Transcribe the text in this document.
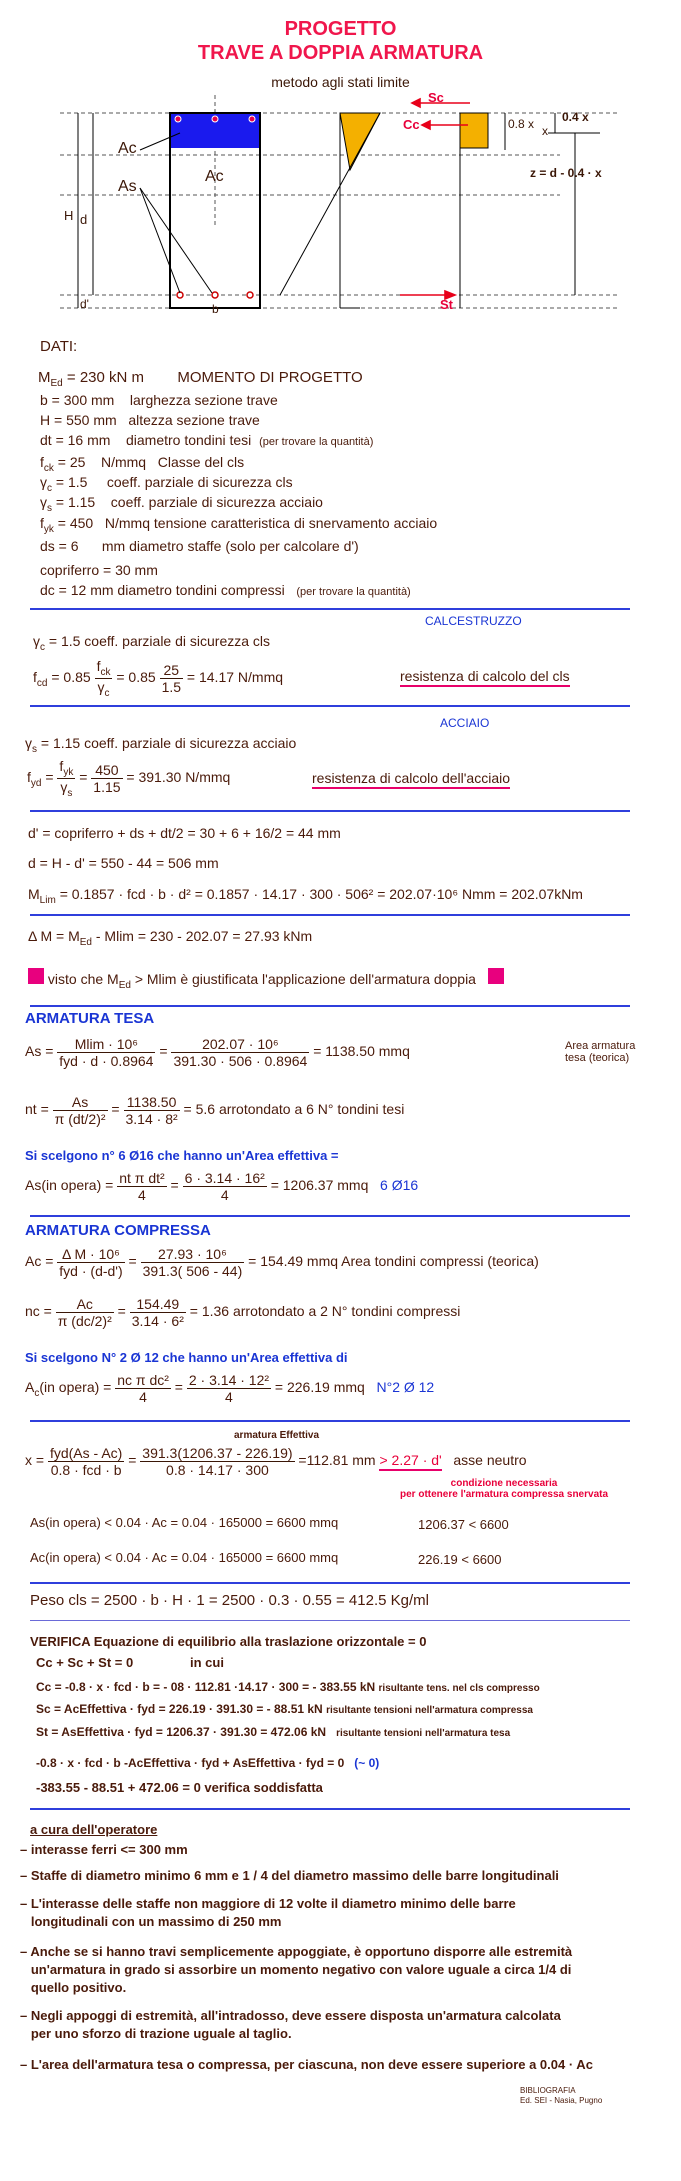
PROGETTO
TRAVE A DOPPIA ARMATURA
metodo agli stati limite
Ac
Ac
As
H d
d'	b
Sc
Cc
St
0.8 x x
0.4 x
z = d - 0.4 · x
DATI:
$M_{Ed} = 230$ kN m MOMENTO DI PROGETTO
b = 300 mm larghezza sezione trave
H = 550 mm altezza sezione trave
dt = 16 mm diametro tondini tesi (per trovare la quantità)
$f_{ck} = 25$ N/mmq Classe del cls
$\gamma_c = 1.5$ coeff. parziale di sicurezza cls
$\gamma_s = 1.15$ coeff. parziale di sicurezza acciaio
$f_{yk} = 450$ N/mmq tensione caratteristica di snervamento acciaio
ds = 6 mm diametro staffe (solo per calcolare d')
copriferro = 30 mm
dc = 12 mm diametro tondini compressi (per trovare la quantità)
CALCESTRUZZO
$\gamma_c = 1.5$ coeff. parziale di sicurezza cls
$f_{cd} = 0.85 \frac{f_{ck}}{\gamma_c} = 0.85 \frac{25}{1.5} = 14.17$ N/mmq	resistenza di calcolo del cls
ACCIAIO
$\gamma_s = 1.15$ coeff. parziale di sicurezza acciaio
$f_{yd} = \frac{f_{yk}}{\gamma_s} = \frac{450}{1.15} = 391.30$ N/mmq	resistenza di calcolo dell'acciaio
d' = copriferro + ds + dt/2 = 30 + 6 + 16/2 = 44 mm
d = H - d' = 550 - 44 = 506 mm
$M_{Lim} = 0.1857$ · fcd · b · d² = 0.1857 · 14.17 · 300 · 506² = 202.07·10⁶ Nmm = 202.07kNm
Δ $M = M_{Ed} - Mlim = 230 - 202.07 = 27.93$ kNm
visto che $M_{Ed} > Mlim$ è giustificata l'applicazione dell'armatura doppia
ARMATURA TESA
$As = \frac{\text{Mlim · 10⁶}}{\text{fyd · d · 0.8964}} = \frac{\text{202.07 · 10⁶}}{391.30 \cdot 506 \cdot 0.8964} = 1138.50$ mmq	Area armatura
tesa (teorica)
nt = $\frac{As}{\text{π (dt/2)²}} = \frac{1138.50}{\text{3.14 · 8²}} = 5.6$ arrotondato a 6 N° tondini tesi
Si scelgono n° 6 Ø16 che hanno un'Area effettiva =
As(in opera) = $\frac{\text{nt π dt²}}{4} = \frac{\text{6 · 3.14 · 16²}}{4} = 1206.37$ mmq 6 Ø16
ARMATURA COMPRESSA
$Ac = \frac{\text{Δ M · 10⁶}}{\text{fyd · (d-d')}} = \frac{\text{27.93 · 10⁶}}{391.3( 506 - 44)} = 154.49$ mmq Area tondini compressi (teorica)
nc = $\frac{Ac}{\text{π (dc/2)²}} = \frac{154.49}{\text{3.14 · 6²}} = 1.36$ arrotondato a 2 N° tondini compressi
Si scelgono N° 2 Ø 12 che hanno un'Area effettiva di
$A_c(in$ opera) = $\frac{\text{nc π dc²}}{4} = \frac{\text{2 · 3.14 · 12²}}{4} = 226.19$ mmq N°2 Ø 12
armatura Effettiva
$x = \frac{\text{fyd(As - Ac)}}{\text{0.8 · fcd · b}} = \frac{391.3(1206.37 - 226.19)}{0.8 \cdot 14.17 \cdot 300} =112.81$ mm > 2.27 · d' asse neutro
condizione necessaria
per ottenere l'armatura compressa snervata
As(in opera) < 0.04 · Ac = 0.04 · 165000 = 6600 mmq	1206.37 < 6600
Ac(in opera) < 0.04 · Ac = 0.04 · 165000 = 6600 mmq	226.19 < 6600
Peso cls = 2500 · b · H · 1 = 2500 · 0.3 · 0.55 = 412.5 Kg/ml
VERIFICA Equazione di equilibrio alla traslazione orizzontale = 0
Cc + Sc + St = 0	in cui
Cc = -0.8 · x · fcd · b = - 08 · 112.81 ·14.17 · 300 = - 383.55 kN risultante tens. nel cls compresso
Sc = AcEffettiva · fyd = 226.19 · 391.30 = - 88.51 kN risultante tensioni nell'armatura compressa
St = AsEffettiva · fyd = 1206.37 · 391.30 = 472.06 kN risultante tensioni nell'armatura tesa
-0.8 · x · fcd · b -AcEffettiva · fyd + AsEffettiva · fyd = 0 (~ 0)
-383.55 - 88.51 + 472.06 = 0 verifica soddisfatta
a cura dell'operatore
– interasse ferri <= 300 mm
– Staffe di diametro minimo 6 mm e 1 / 4 del diametro massimo delle barre longitudinali
– L'interasse delle staffe non maggiore di 12 volte il diametro minimo delle barre
longitudinali con un massimo di 250 mm
– Anche se si hanno travi semplicemente appoggiate, è opportuno disporre alle estremità
un'armatura in grado si assorbire un momento negativo con valore uguale a circa 1/4 di
quello positivo.
– Negli appoggi di estremità, all'intradosso, deve essere disposta un'armatura calcolata
per uno sforzo di trazione uguale al taglio.
– L'area dell'armatura tesa o compressa, per ciascuna, non deve essere superiore a 0.04 · Ac
BIBLIOGRAFIA
Ed. SEI - Nasia, Pugno
